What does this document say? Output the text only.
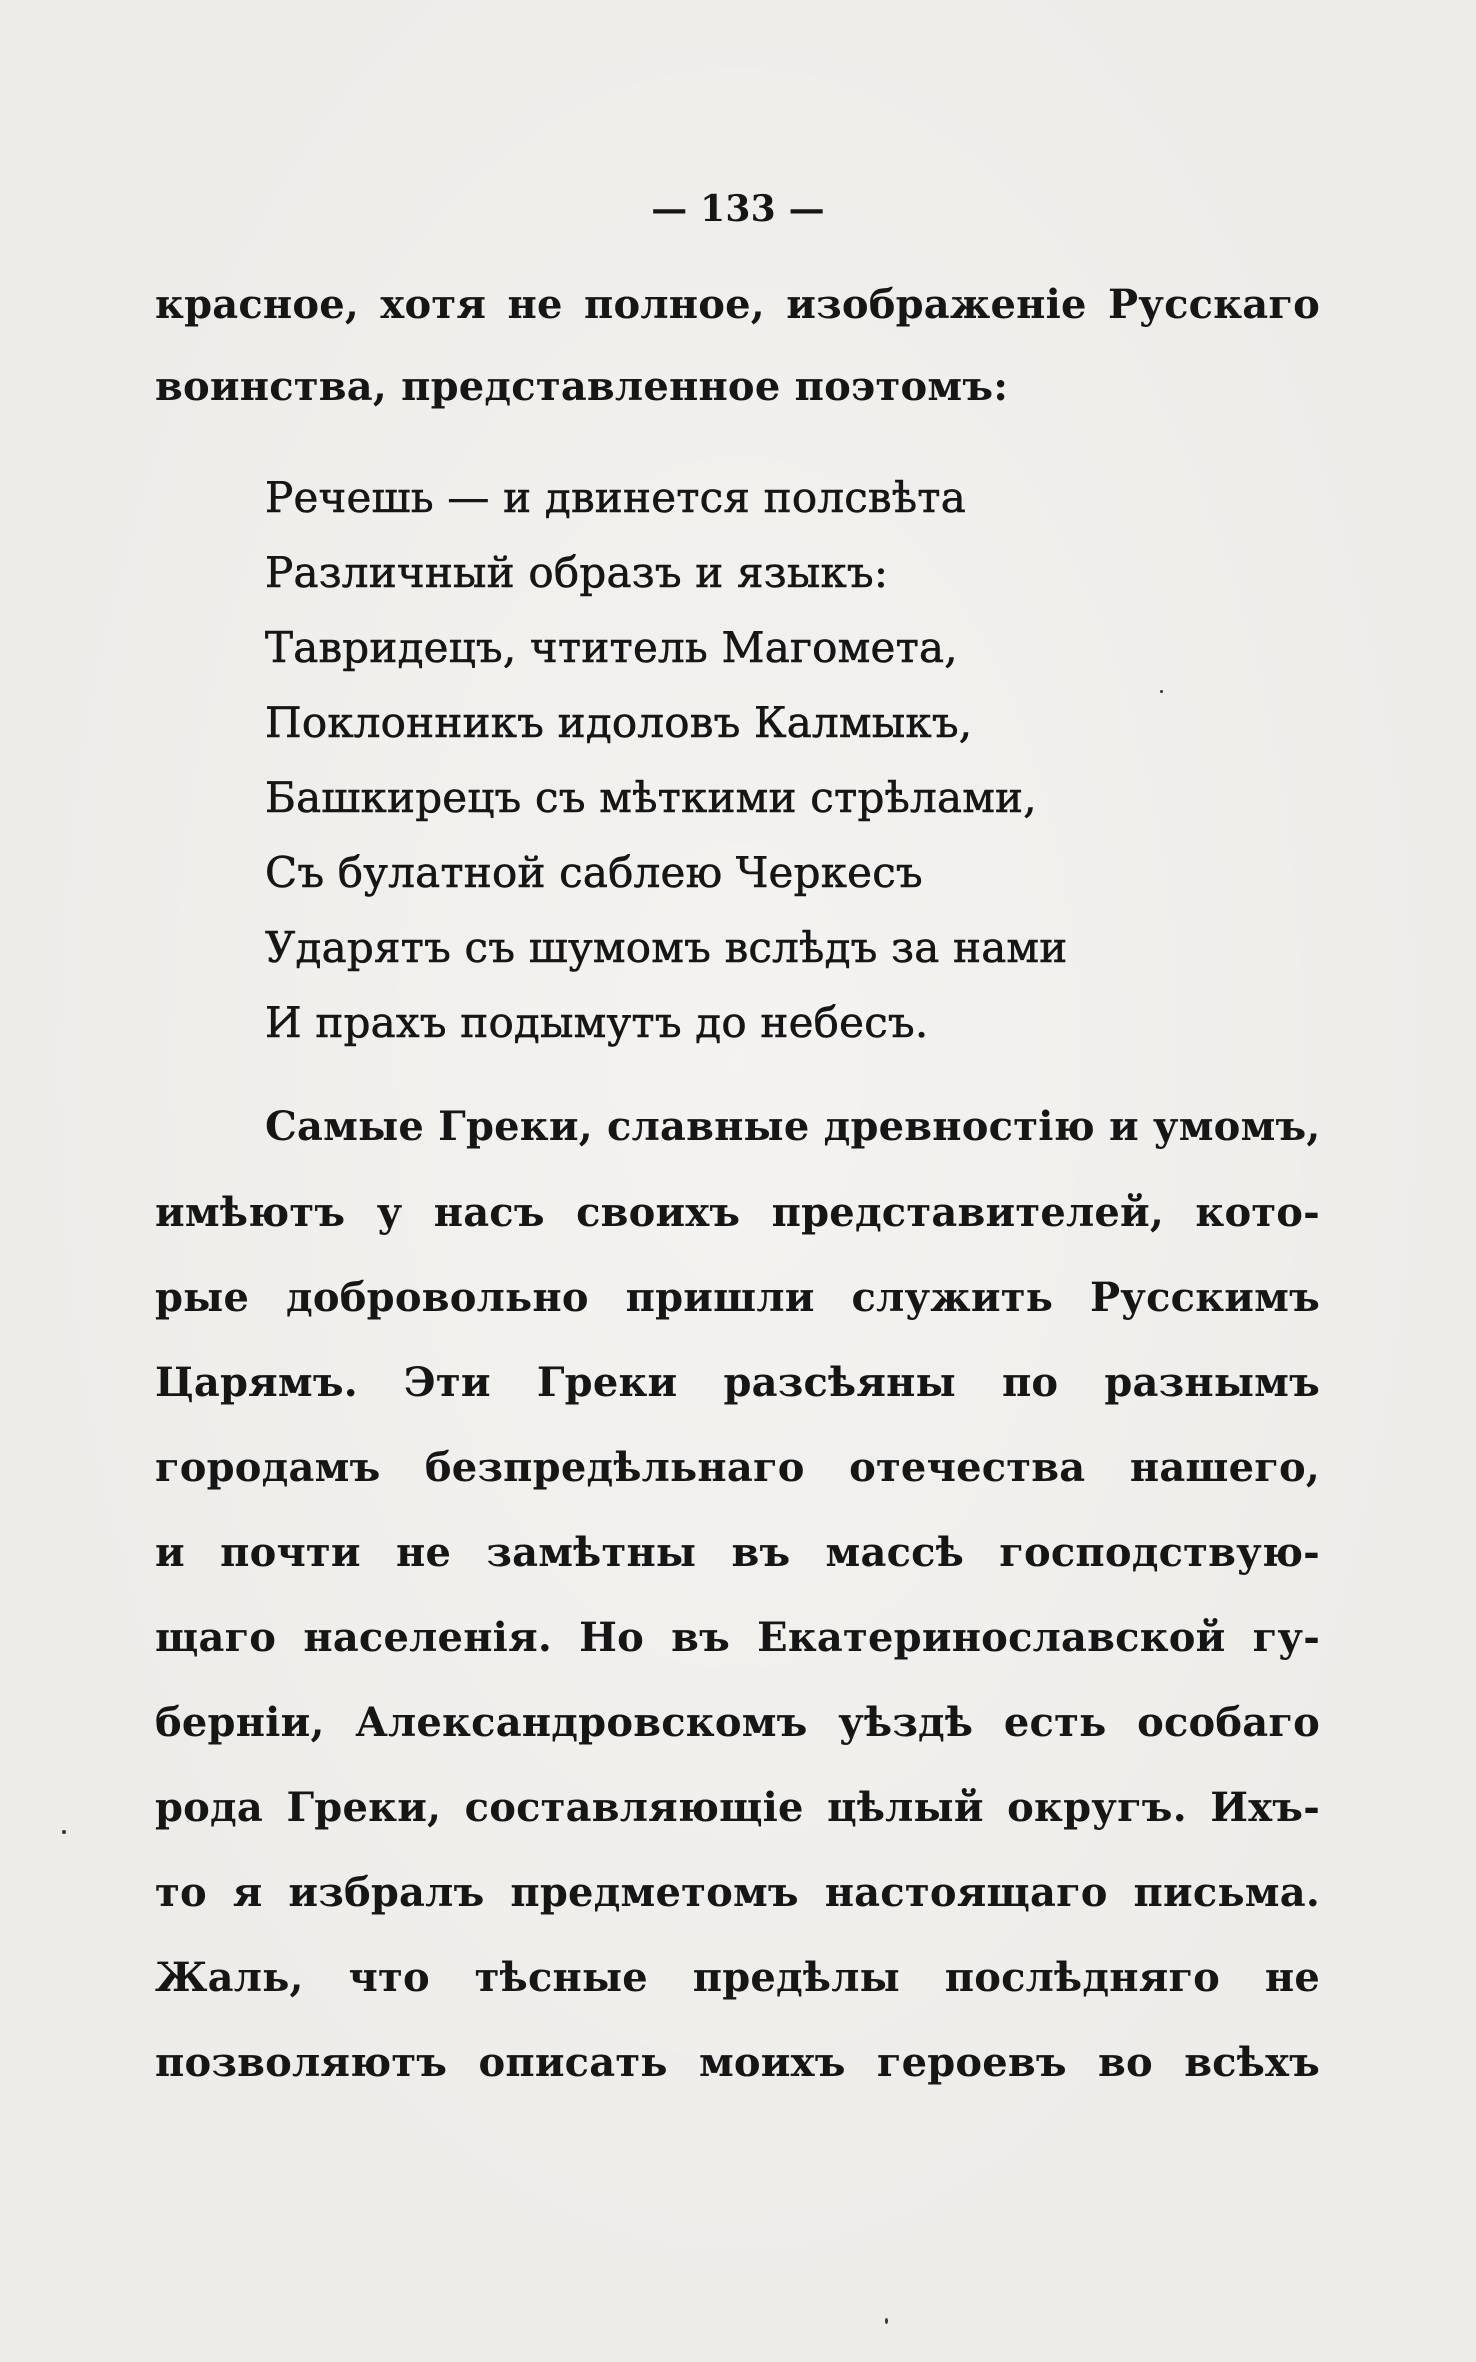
— 133 —

красное, хотя не полное, изображенiе Русскаго

воинства, представленное поэтомъ:

Речешь — и двинется полсвѣта

Различный образъ и языкъ:

Тавридецъ, чтитель Магомета,

Поклонникъ идоловъ Калмыкъ,

Башкирецъ съ мѣткими стрѣлами,

Съ булатной саблею Черкесъ

Ударятъ съ шумомъ вслѣдъ за нами

И прахъ подымутъ до небесъ.

Самые Греки, славные древностiю и умомъ,

имѣютъ у насъ своихъ представителей, кото-

рые добровольно пришли служить Русскимъ

Царямъ. Эти Греки разсѣяны по разнымъ

городамъ безпредѣльнаго отечества нашего,

и почти не замѣтны въ массѣ господствую-

щаго населенiя. Но въ Екатеринославской гу-

бернiи, Александровскомъ уѣздѣ есть особаго

рода Греки, составляющiе цѣлый округъ. Ихъ-

то я избралъ предметомъ настоящаго письма.

Жаль, что тѣсные предѣлы послѣдняго не

позволяютъ описать моихъ героевъ во всѣхъ
